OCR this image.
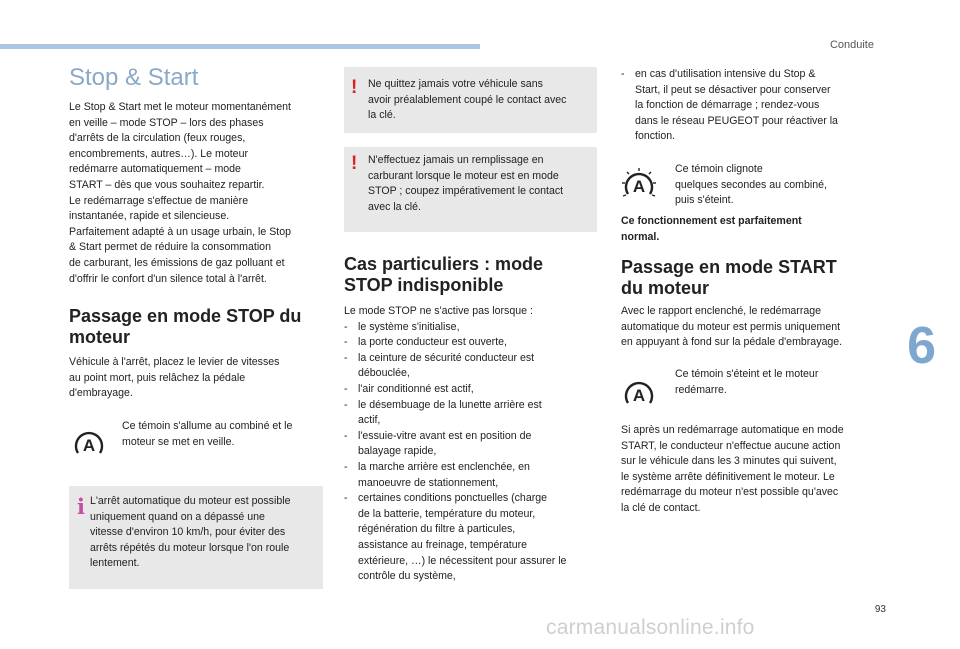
Conduite
Stop & Start

Le Stop & Start met le moteur momentanément

en veille – mode STOP – lors des phases

d'arrêts de la circulation (feux rouges,

encombrements, autres…). Le moteur

redémarre automatiquement – mode

START – dès que vous souhaitez repartir.

Le redémarrage s'effectue de manière

instantanée, rapide et silencieuse.

Parfaitement adapté à un usage urbain, le Stop

& Start permet de réduire la consommation

de carburant, les émissions de gaz polluant et

d'offrir le confort d'un silence total à l'arrêt.

Passage en mode STOP du

moteur

Véhicule à l'arrêt, placez le levier de vitesses

au point mort, puis relâchez la pédale

d'embrayage.

A

Ce témoin s'allume au combiné et le

moteur se met en veille.

i L'arrêt automatique du moteur est possible
uniquement quand on a dépassé une
vitesse d'environ 10 km/h, pour éviter des
arrêts répétés du moteur lorsque l'on roule
lentement.
! Ne quittez jamais votre véhicule sans
avoir préalablement coupé le contact avec
la clé.
! N'effectuez jamais un remplissage en
carburant lorsque le moteur est en mode
STOP ; coupez impérativement le contact
avec la clé.

Cas particuliers : mode

STOP indisponible

Le mode STOP ne s'active pas lorsque :

- le système s'initialise,
- la porte conducteur est ouverte,
- la ceinture de sécurité conducteur est
débouclée,
- l'air conditionné est actif,
- le désembuage de la lunette arrière est
actif,
- l'essuie-vitre avant est en position de
balayage rapide,
- la marche arrière est enclenchée, en
manoeuvre de stationnement,
- certaines conditions ponctuelles (charge
de la batterie, température du moteur,
régénération du filtre à particules,
assistance au freinage, température
extérieure, …) le nécessitent pour assurer le
contrôle du système,
- en cas d'utilisation intensive du Stop &
Start, il peut se désactiver pour conserver
la fonction de démarrage ; rendez-vous
dans le réseau PEUGEOT pour réactiver la
fonction.
A

Ce témoin clignote

quelques secondes au combiné,

puis s'éteint.

Ce fonctionnement est parfaitement

normal.

Passage en mode START

du moteur

Avec le rapport enclenché, le redémarrage

automatique du moteur est permis uniquement

en appuyant à fond sur la pédale d'embrayage.

A

Ce témoin s'éteint et le moteur

redémarre.

Si après un redémarrage automatique en mode

START, le conducteur n'effectue aucune action

sur le véhicule dans les 3 minutes qui suivent,

le système arrête définitivement le moteur. Le

redémarrage du moteur n'est possible qu'avec

la clé de contact.

6
93
carmanualsonline.info
